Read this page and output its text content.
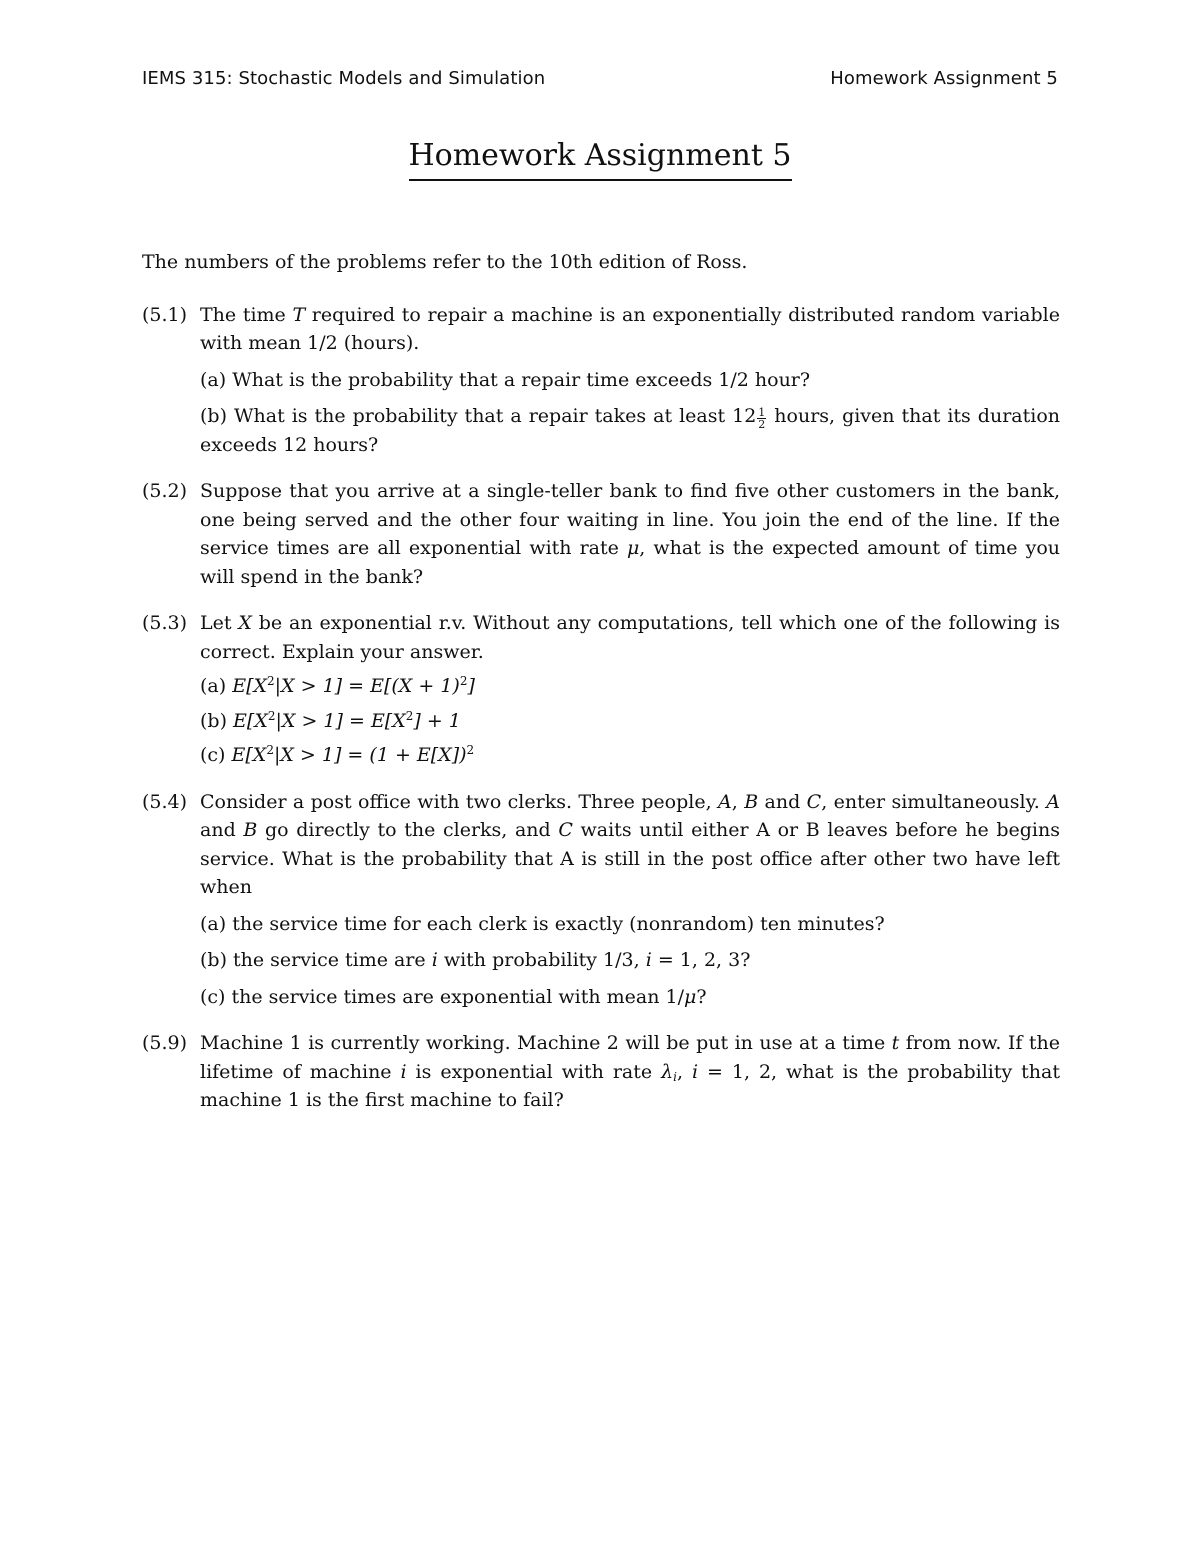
IEMS 315: Stochastic Models and Simulation	Homework Assignment 5
Homework Assignment 5

The numbers of the problems refer to the 10th edition of Ross.

(5.1) The time T required to repair a machine is an exponentially distributed random variable with mean 1/2 (hours).

(a) What is the probability that a repair time exceeds 1/2 hour?

(b) What is the probability that a repair takes at least $12 \frac{1}{2}$ hours, given that its duration exceeds 12 hours?

(5.2) Suppose that you arrive at a single-teller bank to find five other customers in the bank, one being served and the other four waiting in line. You join the end of the line. If the service times are all exponential with rate μ, what is the expected amount of time you will spend in the bank?

(5.3) Let X be an exponential r.v. Without any computations, tell which one of the following is correct. Explain your answer.

(a) $E[X^2|X > 1] = E[(X + 1)^2]$

(b) $E[X^2|X > 1] = E[X^2] + 1$

(c) $E[X^2|X > 1] = (1 + E[X])^2$

(5.4) Consider a post office with two clerks. Three people, A, B and C, enter simultaneously. A and B go directly to the clerks, and C waits until either A or B leaves before he begins service. What is the probability that A is still in the post office after other two have left when

(a) the service time for each clerk is exactly (nonrandom) ten minutes?

(b) the service time are i with probability 1/3, i = 1, 2, 3?

(c) the service times are exponential with mean 1/μ?

(5.9) Machine 1 is currently working. Machine 2 will be put in use at a time t from now. If the lifetime of machine i is exponential with rate $\lambda_i$, i = 1, 2, what is the probability that machine 1 is the first machine to fail?
